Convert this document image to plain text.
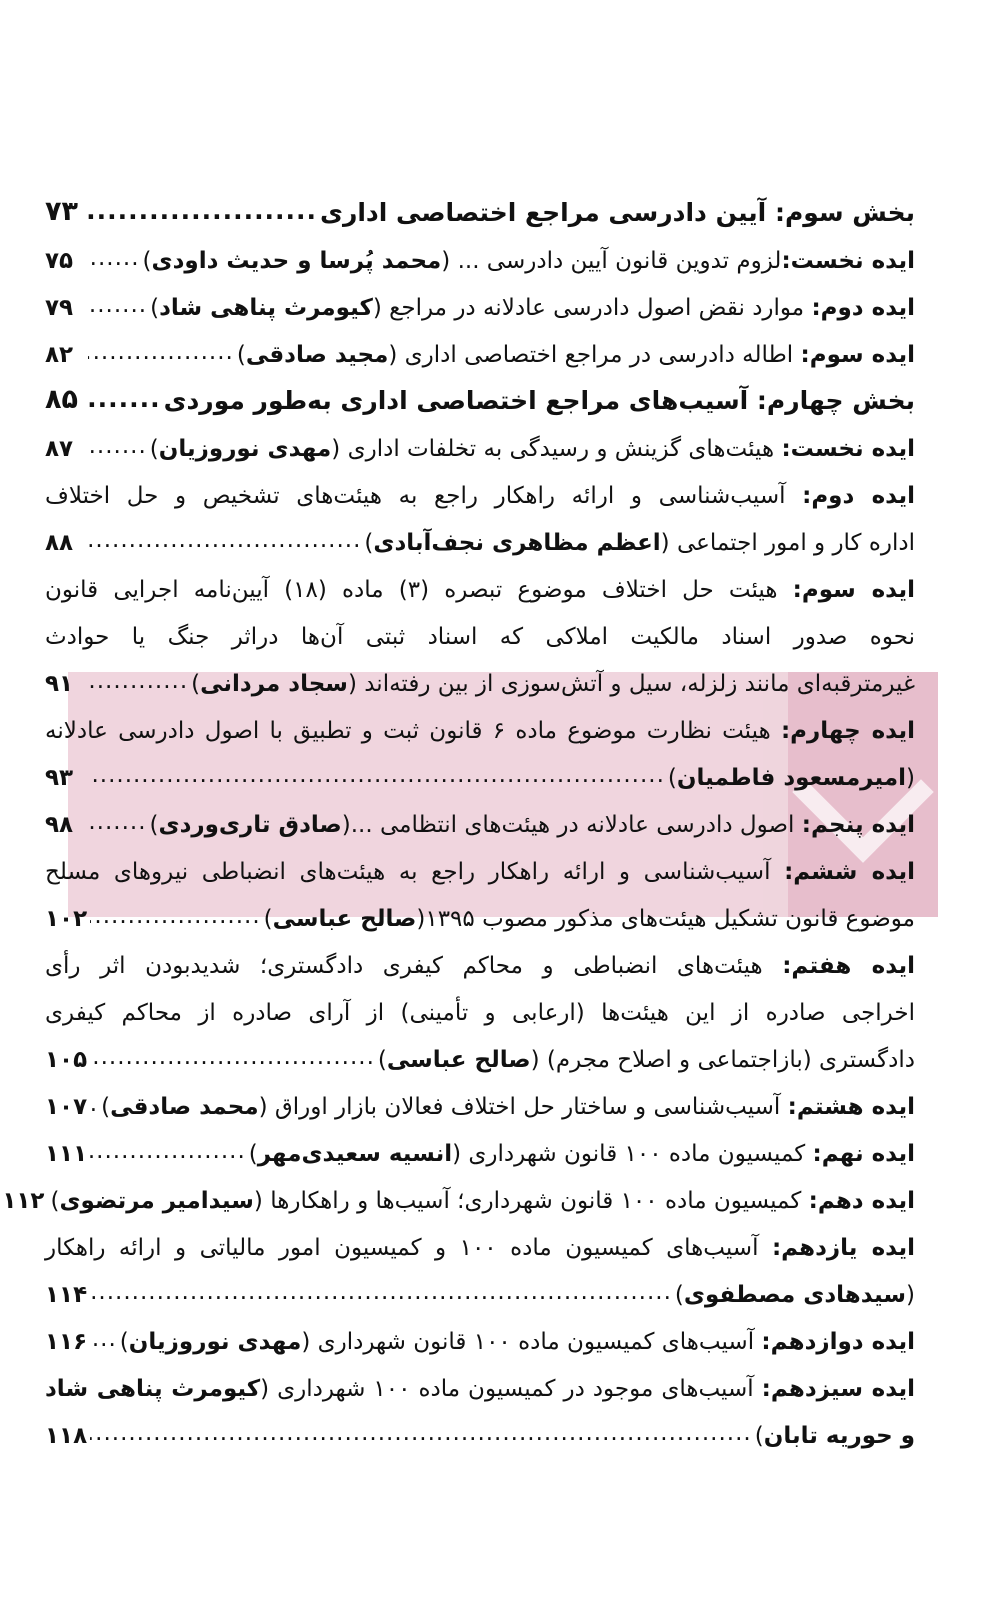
بخش سوم: آیین دادرسی مراجع اختصاصی اداری
.....
۷۳
ایده نخست:لزوم تدوین قانون آیین دادرسی ... (محمد پُرسا و حدیث داودی)
.....
۷۵
ایده دوم: موارد نقض اصول دادرسی عادلانه در مراجع (کیومرث پناهی شاد)
.....
۷۹
ایده سوم: اطاله دادرسی در مراجع اختصاصی اداری (مجید صادقی)
.....
۸۲
بخش چهارم: آسیب‌های مراجع اختصاصی اداری به‌طور موردی
.....
۸۵
ایده نخست: هیئت‌های گزینش و رسیدگی به تخلفات اداری (مهدی نوروزیان)
.....
۸۷
ایده دوم: آسیب‌شناسی و ارائه راهکار راجع به هیئت‌های تشخیص و حل اختلاف
اداره کار و امور اجتماعی (اعظم مظاهری نجف‌آبادی)
.....
۸۸
ایده سوم: هیئت حل اختلاف موضوع تبصره (۳) ماده (۱۸) آیین‌نامه اجرایی قانون
نحوه صدور اسناد مالکیت املاکی که اسناد ثبتی آن‌ها دراثر جنگ یا حوادث
غیرمترقبه‌ای مانند زلزله، سیل و آتش‌سوزی از بین رفته‌اند (سجاد مردانی)
.....
۹۱
ایده چهارم: هیئت نظارت موضوع ماده ۶ قانون ثبت و تطبیق با اصول دادرسی عادلانه
(امیرمسعود فاطمیان)
.....
۹۳
ایده پنجم: اصول دادرسی عادلانه در هیئت‌های انتظامی ...(صادق تاری‌وردی)
.....
۹۸
ایده ششم: آسیب‌شناسی و ارائه راهکار راجع به هیئت‌های انضباطی نیروهای مسلح
موضوع قانون تشکیل هیئت‌های مذکور مصوب ۱۳۹۵(صالح عباسی)
.....
۱۰۲
ایده هفتم: هیئت‌های انضباطی و محاکم کیفری دادگستری؛ شدیدبودن اثر رأی
اخراجی صادره از این هیئت‌ها (ارعابی و تأمینی) از آرای صادره از محاکم کیفری
دادگستری (بازاجتماعی و اصلاح مجرم) (صالح عباسی)
.....
۱۰۵
ایده هشتم: آسیب‌شناسی و ساختار حل اختلاف فعالان بازار اوراق (محمد صادقی)
.....
۱۰۷
ایده نهم: کمیسیون ماده ۱۰۰ قانون شهرداری (انسیه سعیدی‌مهر)
.....
۱۱۱
ایده دهم: کمیسیون ماده ۱۰۰ قانون شهرداری؛ آسیب‌ها و راهکارها (سیدامیر مرتضوی)
۱۱۲
ایده یازدهم: آسیب‌های کمیسیون ماده ۱۰۰ و کمیسیون امور مالیاتی و ارائه راهکار
(سیدهادی مصطفوی)
.....
۱۱۴
ایده دوازدهم: آسیب‌های کمیسیون ماده ۱۰۰ قانون شهرداری (مهدی نوروزیان)
.....
۱۱۶
ایده سیزدهم: آسیب‌های موجود در کمیسیون ماده ۱۰۰ شهرداری (کیومرث پناهی شاد
و حوریه تابان)
.....
۱۱۸
